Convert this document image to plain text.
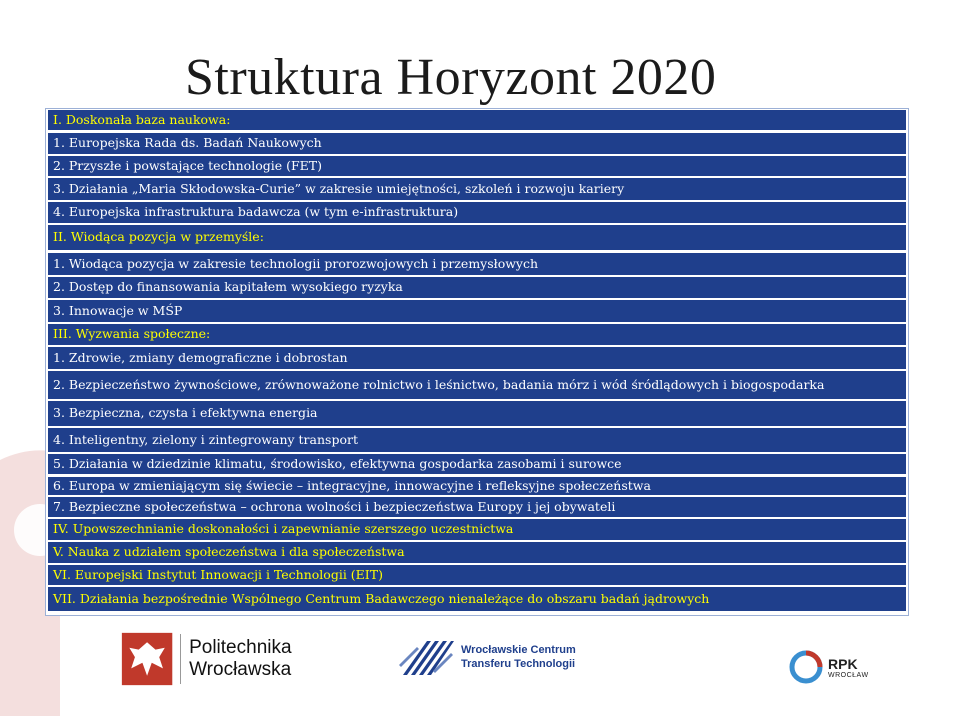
Struktura Horyzont 2020
I. Doskonała baza naukowa:
1. Europejska Rada ds. Badań Naukowych
2. Przyszłe i powstające technologie (FET)
3. Działania „Maria Skłodowska-Curie” w zakresie umiejętności, szkoleń i rozwoju kariery
4. Europejska infrastruktura badawcza (w tym e-infrastruktura)
II. Wiodąca pozycja w przemyśle:
1. Wiodąca pozycja w zakresie technologii prorozwojowych i przemysłowych
2. Dostęp do finansowania kapitałem wysokiego ryzyka
3. Innowacje w MŚP
III. Wyzwania społeczne:
1. Zdrowie, zmiany demograficzne i dobrostan
2. Bezpieczeństwo żywnościowe, zrównoważone rolnictwo i leśnictwo, badania mórz i wód śródlądowych i biogospodarka
3. Bezpieczna, czysta i efektywna energia
4. Inteligentny, zielony i zintegrowany transport
5. Działania w dziedzinie klimatu, środowisko, efektywna gospodarka zasobami i surowce
6. Europa w zmieniającym się świecie – integracyjne, innowacyjne i refleksyjne społeczeństwa
7. Bezpieczne społeczeństwa – ochrona wolności i bezpieczeństwa Europy i jej obywateli
IV. Upowszechnianie doskonałości i zapewnianie szerszego uczestnictwa
V. Nauka z udziałem społeczeństwa i dla społeczeństwa
VI. Europejski Instytut Innowacji i Technologii (EIT)
VII. Działania bezpośrednie Wspólnego Centrum Badawczego nienależące do obszaru badań jądrowych
Politechnika Wrocławska
Wrocławskie Centrum
Transferu Technologii	RPK
WROCŁAW
